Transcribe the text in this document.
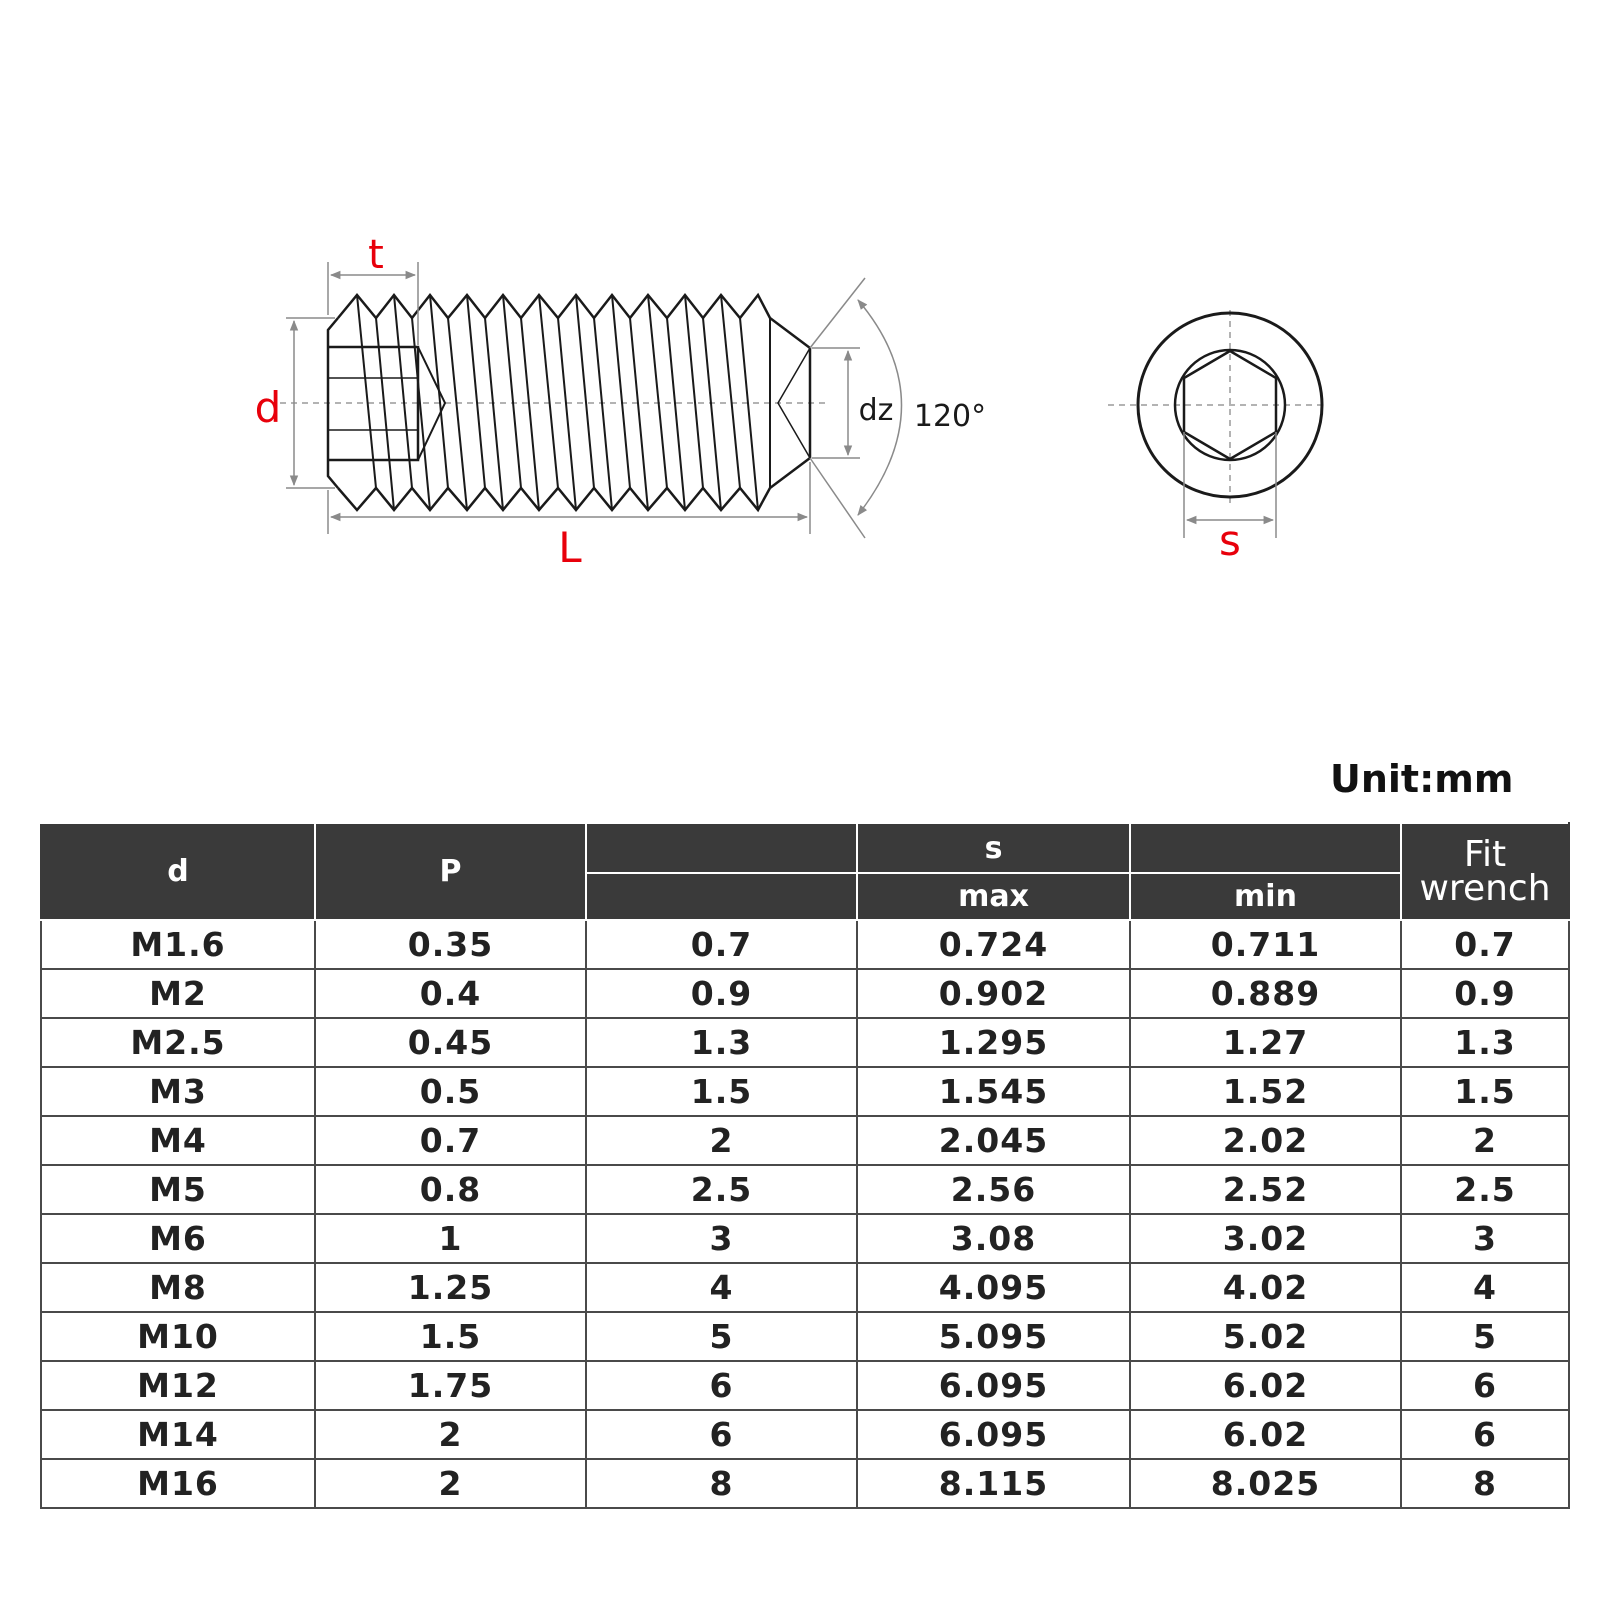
t
d
L
dz 120°
s
Unit:mm
d	P		s		Fit
wrench
			max	min	
M1.6	0.35	0.7	0.724	0.711	0.7
M2	0.4	0.9	0.902	0.889	0.9
M2.5	0.45	1.3	1.295	1.27	1.3
M3	0.5	1.5	1.545	1.52	1.5
M4	0.7	2	2.045	2.02	2
M5	0.8	2.5	2.56	2.52	2.5
M6	1	3	3.08	3.02	3
M8	1.25	4	4.095	4.02	4
M10	1.5	5	5.095	5.02	5
M12	1.75	6	6.095	6.02	6
M14	2	6	6.095	6.02	6
M16	2	8	8.115	8.025	8
